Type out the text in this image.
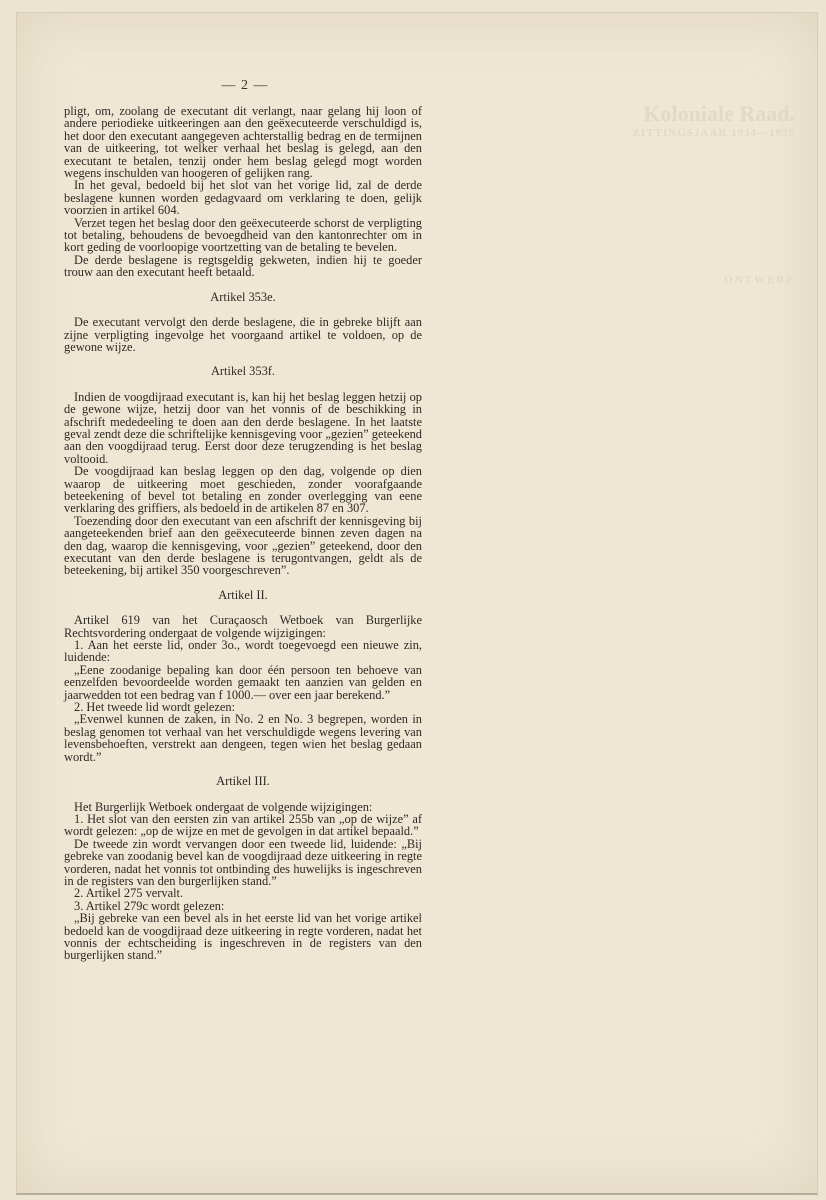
Koloniale Raad.
ZITTINGSJAAR 1934—1935
ONTWERP
— 2 —

pligt, om, zoolang de executant dit verlangt, naar gelang hij loon of andere periodieke uitkeeringen aan den geëxecuteerde verschuldigd is, het door den executant aangegeven achterstallig bedrag en de termijnen van de uitkeering, tot welker verhaal het beslag is gelegd, aan den executant te betalen, tenzij onder hem beslag gelegd mogt worden wegens inschulden van hoogeren of gelijken rang.

In het geval, bedoeld bij het slot van het vorige lid, zal de derde beslagene kunnen worden gedagvaard om verklaring te doen, gelijk voorzien in artikel 604.

Verzet tegen het beslag door den geëxecuteerde schorst de verpligting tot betaling, behoudens de bevoegdheid van den kantonrechter om in kort geding de voorloopige voortzetting van de betaling te bevelen.

De derde beslagene is regtsgeldig gekweten, indien hij te goeder trouw aan den executant heeft betaald.

Artikel 353e.

De executant vervolgt den derde beslagene, die in gebreke blijft aan zijne verpligting ingevolge het voorgaand artikel te voldoen, op de gewone wijze.

Artikel 353f.

Indien de voogdijraad executant is, kan hij het beslag leggen hetzij op de gewone wijze, hetzij door van het vonnis of de beschikking in afschrift mededeeling te doen aan den derde beslagene. In het laatste geval zendt deze die schriftelijke kennisgeving voor „gezien” geteekend aan den voogdijraad terug. Eerst door deze terugzending is het beslag voltooid.

De voogdijraad kan beslag leggen op den dag, volgende op dien waarop de uitkeering moet geschieden, zonder voorafgaande beteekening of bevel tot betaling en zonder overlegging van eene verklaring des griffiers, als bedoeld in de artikelen 87 en 307.

Toezending door den executant van een afschrift der kennisgeving bij aangeteekenden brief aan den geëxecuteerde binnen zeven dagen na den dag, waarop die kennisgeving, voor „gezien” geteekend, door den executant van den derde beslagene is terugontvangen, geldt als de beteekening, bij artikel 350 voorgeschreven”.

Artikel II.

Artikel 619 van het Curaçaosch Wetboek van Burgerlijke Rechtsvordering ondergaat de volgende wijzigingen:

1. Aan het eerste lid, onder 3o., wordt toegevoegd een nieuwe zin, luidende:

„Eene zoodanige bepaling kan door één persoon ten behoeve van eenzelfden bevoordeelde worden gemaakt ten aanzien van gelden en jaarwedden tot een bedrag van f 1000.— over een jaar berekend.”

2. Het tweede lid wordt gelezen:

„Evenwel kunnen de zaken, in No. 2 en No. 3 begrepen, worden in beslag genomen tot verhaal van het verschuldigde wegens levering van levensbehoeften, verstrekt aan dengeen, tegen wien het beslag gedaan wordt.”

Artikel III.

Het Burgerlijk Wetboek ondergaat de volgende wijzigingen:

1. Het slot van den eersten zin van artikel 255b van „op de wijze” af wordt gelezen: „op de wijze en met de gevolgen in dat artikel bepaald.”

De tweede zin wordt vervangen door een tweede lid, luidende: „Bij gebreke van zoodanig bevel kan de voogdijraad deze uitkeering in regte vorderen, nadat het vonnis tot ontbinding des huwelijks is ingeschreven in de registers van den burgerlijken stand.”

2. Artikel 275 vervalt.

3. Artikel 279c wordt gelezen:

„Bij gebreke van een bevel als in het eerste lid van het vorige artikel bedoeld kan de voogdijraad deze uitkeering in regte vorderen, nadat het vonnis der echtscheiding is ingeschreven in de registers van den burgerlijken stand.”
